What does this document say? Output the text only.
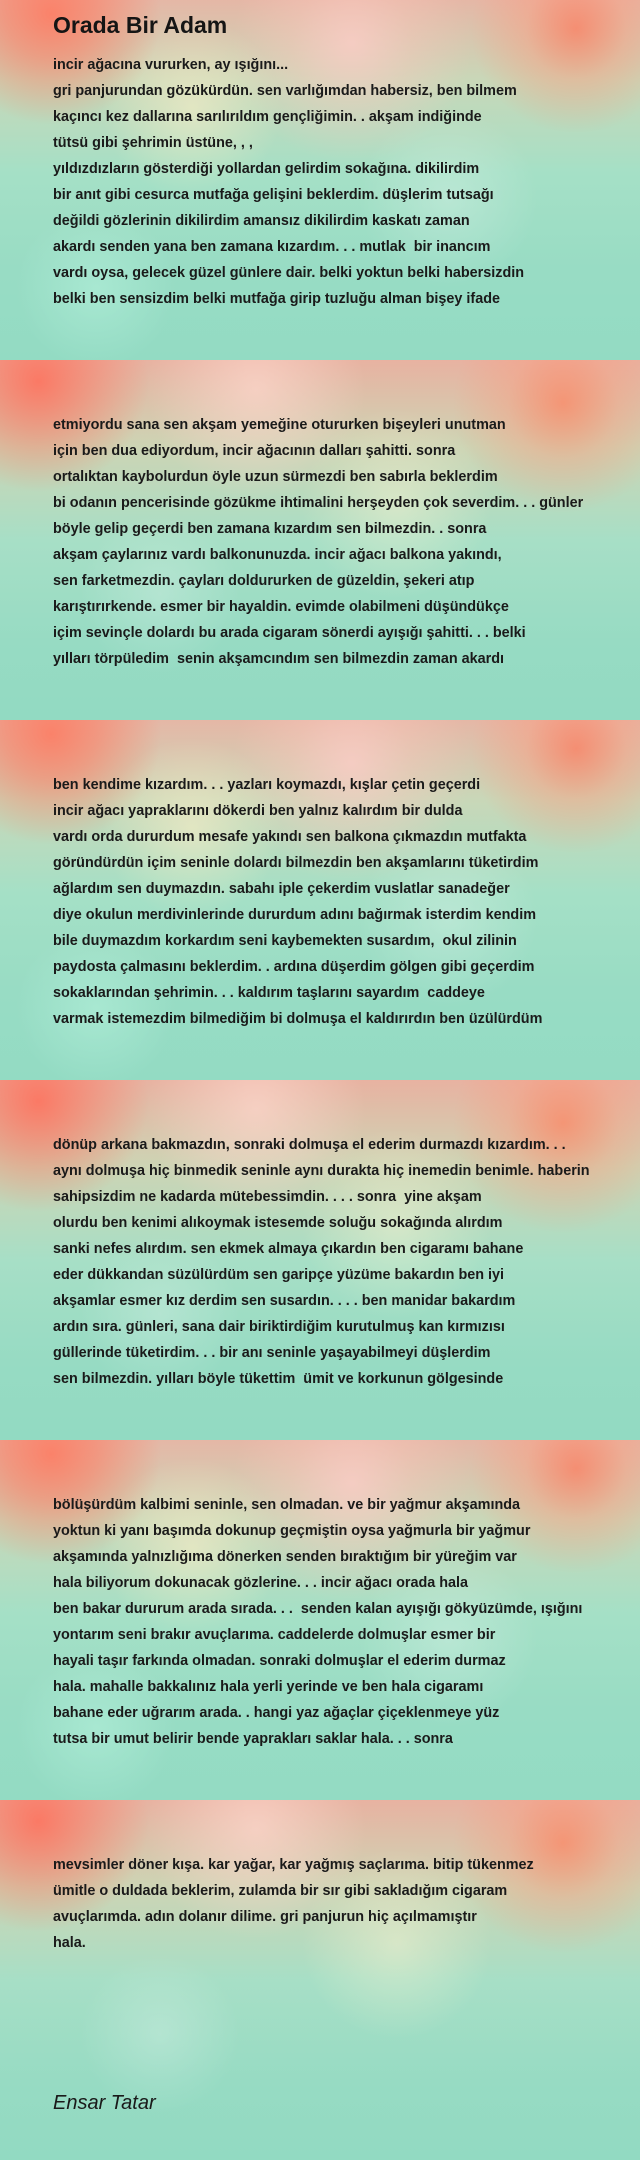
Orada Bir Adam

incir ağacına vururken, ay ışığını...
gri panjurundan gözükürdün. sen varlığımdan habersiz, ben bilmem
kaçıncı kez dallarına sarılırıldım gençliğimin. . akşam indiğinde
tütsü gibi şehrimin üstüne, , ,
yıldızdızların gösterdiği yollardan gelirdim sokağına. dikilirdim
bir anıt gibi cesurca mutfağa gelişini beklerdim. düşlerim tutsağı
değildi gözlerinin dikilirdim amansız dikilirdim kaskatı zaman
akardı senden yana ben zamana kızardım. . . mutlak  bir inancım
vardı oysa, gelecek güzel günlere dair. belki yoktun belki habersizdin
belki ben sensizdim belki mutfağa girip tuzluğu alman bişey ifade

etmiyordu sana sen akşam yemeğine otururken bişeyleri unutman
için ben dua ediyordum, incir ağacının dalları şahitti. sonra
ortalıktan kaybolurdun öyle uzun sürmezdi ben sabırla beklerdim
bi odanın pencerisinde gözükme ihtimalini herşeyden çok severdim. . . günler
böyle gelip geçerdi ben zamana kızardım sen bilmezdin. . sonra
akşam çaylarınız vardı balkonunuzda. incir ağacı balkona yakındı,
sen farketmezdin. çayları doldururken de güzeldin, şekeri atıp
karıştırırkende. esmer bir hayaldin. evimde olabilmeni düşündükçe
içim sevinçle dolardı bu arada cigaram sönerdi ayışığı şahitti. . . belki
yılları törpüledim  senin akşamcındım sen bilmezdin zaman akardı

ben kendime kızardım. . . yazları koymazdı, kışlar çetin geçerdi
incir ağacı yapraklarını dökerdi ben yalnız kalırdım bir dulda
vardı orda dururdum mesafe yakındı sen balkona çıkmazdın mutfakta
göründürdün içim seninle dolardı bilmezdin ben akşamlarını tüketirdim
ağlardım sen duymazdın. sabahı iple çekerdim vuslatlar sanadeğer
diye okulun merdivinlerinde dururdum adını bağırmak isterdim kendim
bile duymazdım korkardım seni kaybemekten susardım,  okul zilinin
paydosta çalmasını beklerdim. . ardına düşerdim gölgen gibi geçerdim
sokaklarından şehrimin. . . kaldırım taşlarını sayardım  caddeye
varmak istemezdim bilmediğim bi dolmuşa el kaldırırdın ben üzülürdüm

dönüp arkana bakmazdın, sonraki dolmuşa el ederim durmazdı kızardım. . .
aynı dolmuşa hiç binmedik seninle aynı durakta hiç inemedin benimle. haberin
sahipsizdim ne kadarda mütebessimdin. . . . sonra  yine akşam
olurdu ben kenimi alıkoymak istesemde soluğu sokağında alırdım
sanki nefes alırdım. sen ekmek almaya çıkardın ben cigaramı bahane
eder dükkandan süzülürdüm sen garipçe yüzüme bakardın ben iyi
akşamlar esmer kız derdim sen susardın. . . . ben manidar bakardım
ardın sıra. günleri, sana dair biriktirdiğim kurutulmuş kan kırmızısı
güllerinde tüketirdim. . . bir anı seninle yaşayabilmeyi düşlerdim
sen bilmezdin. yılları böyle tükettim  ümit ve korkunun gölgesinde

bölüşürdüm kalbimi seninle, sen olmadan. ve bir yağmur akşamında
yoktun ki yanı başımda dokunup geçmiştin oysa yağmurla bir yağmur
akşamında yalnızlığıma dönerken senden bıraktığım bir yüreğim var
hala biliyorum dokunacak gözlerine. . . incir ağacı orada hala
ben bakar dururum arada sırada. . .  senden kalan ayışığı gökyüzümde, ışığını
yontarım seni brakır avuçlarıma. caddelerde dolmuşlar esmer bir
hayali taşır farkında olmadan. sonraki dolmuşlar el ederim durmaz
hala. mahalle bakkalınız hala yerli yerinde ve ben hala cigaramı
bahane eder uğrarım arada. . hangi yaz ağaçlar çiçeklenmeye yüz
tutsa bir umut belirir bende yaprakları saklar hala. . . sonra

mevsimler döner kışa. kar yağar, kar yağmış saçlarıma. bitip tükenmez
ümitle o duldada beklerim, zulamda bir sır gibi sakladığım cigaram
avuçlarımda. adın dolanır dilime. gri panjurun hiç açılmamıştır
hala.

Ensar Tatar
